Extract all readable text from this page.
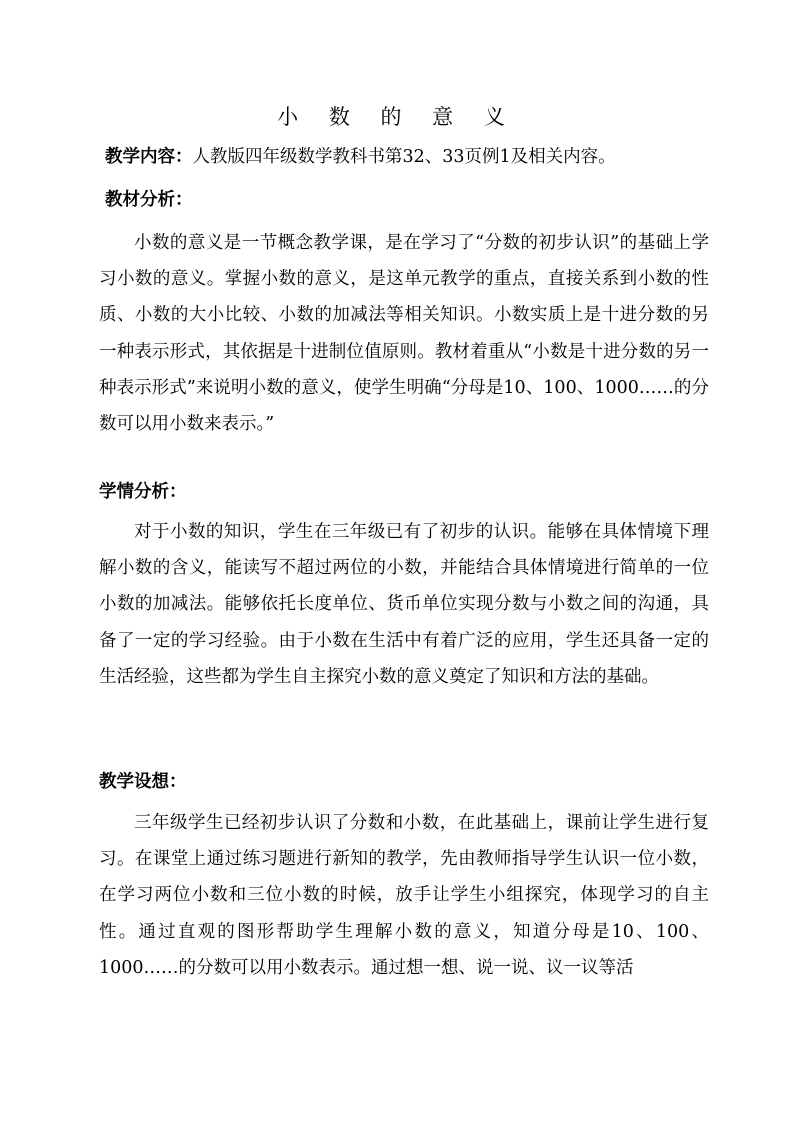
小 数 的 意 义

教学内容：人教版四年级数学教科书第32、33页例1及相关内容。

教材分析：

小数的意义是一节概念教学课，是在学习了“分数的初步认识”的基础上学习小数的意义。掌握小数的意义，是这单元教学的重点，直接关系到小数的性质、小数的大小比较、小数的加减法等相关知识。小数实质上是十进分数的另一种表示形式，其依据是十进制位值原则。教材着重从“小数是十进分数的另一种表示形式”来说明小数的意义，使学生明确“分母是10、100、1000……的分数可以用小数来表示。”

学情分析：

对于小数的知识，学生在三年级已有了初步的认识。能够在具体情境下理解小数的含义，能读写不超过两位的小数，并能结合具体情境进行简单的一位小数的加减法。能够依托长度单位、货币单位实现分数与小数之间的沟通，具备了一定的学习经验。由于小数在生活中有着广泛的应用，学生还具备一定的生活经验，这些都为学生自主探究小数的意义奠定了知识和方法的基础。

教学设想：

三年级学生已经初步认识了分数和小数，在此基础上，课前让学生进行复习。在课堂上通过练习题进行新知的教学，先由教师指导学生认识一位小数，在学习两位小数和三位小数的时候，放手让学生小组探究，体现学习的自主性。通过直观的图形帮助学生理解小数的意义，知道分母是10、100、1000……的分数可以用小数表示。通过想一想、说一说、议一议等活
